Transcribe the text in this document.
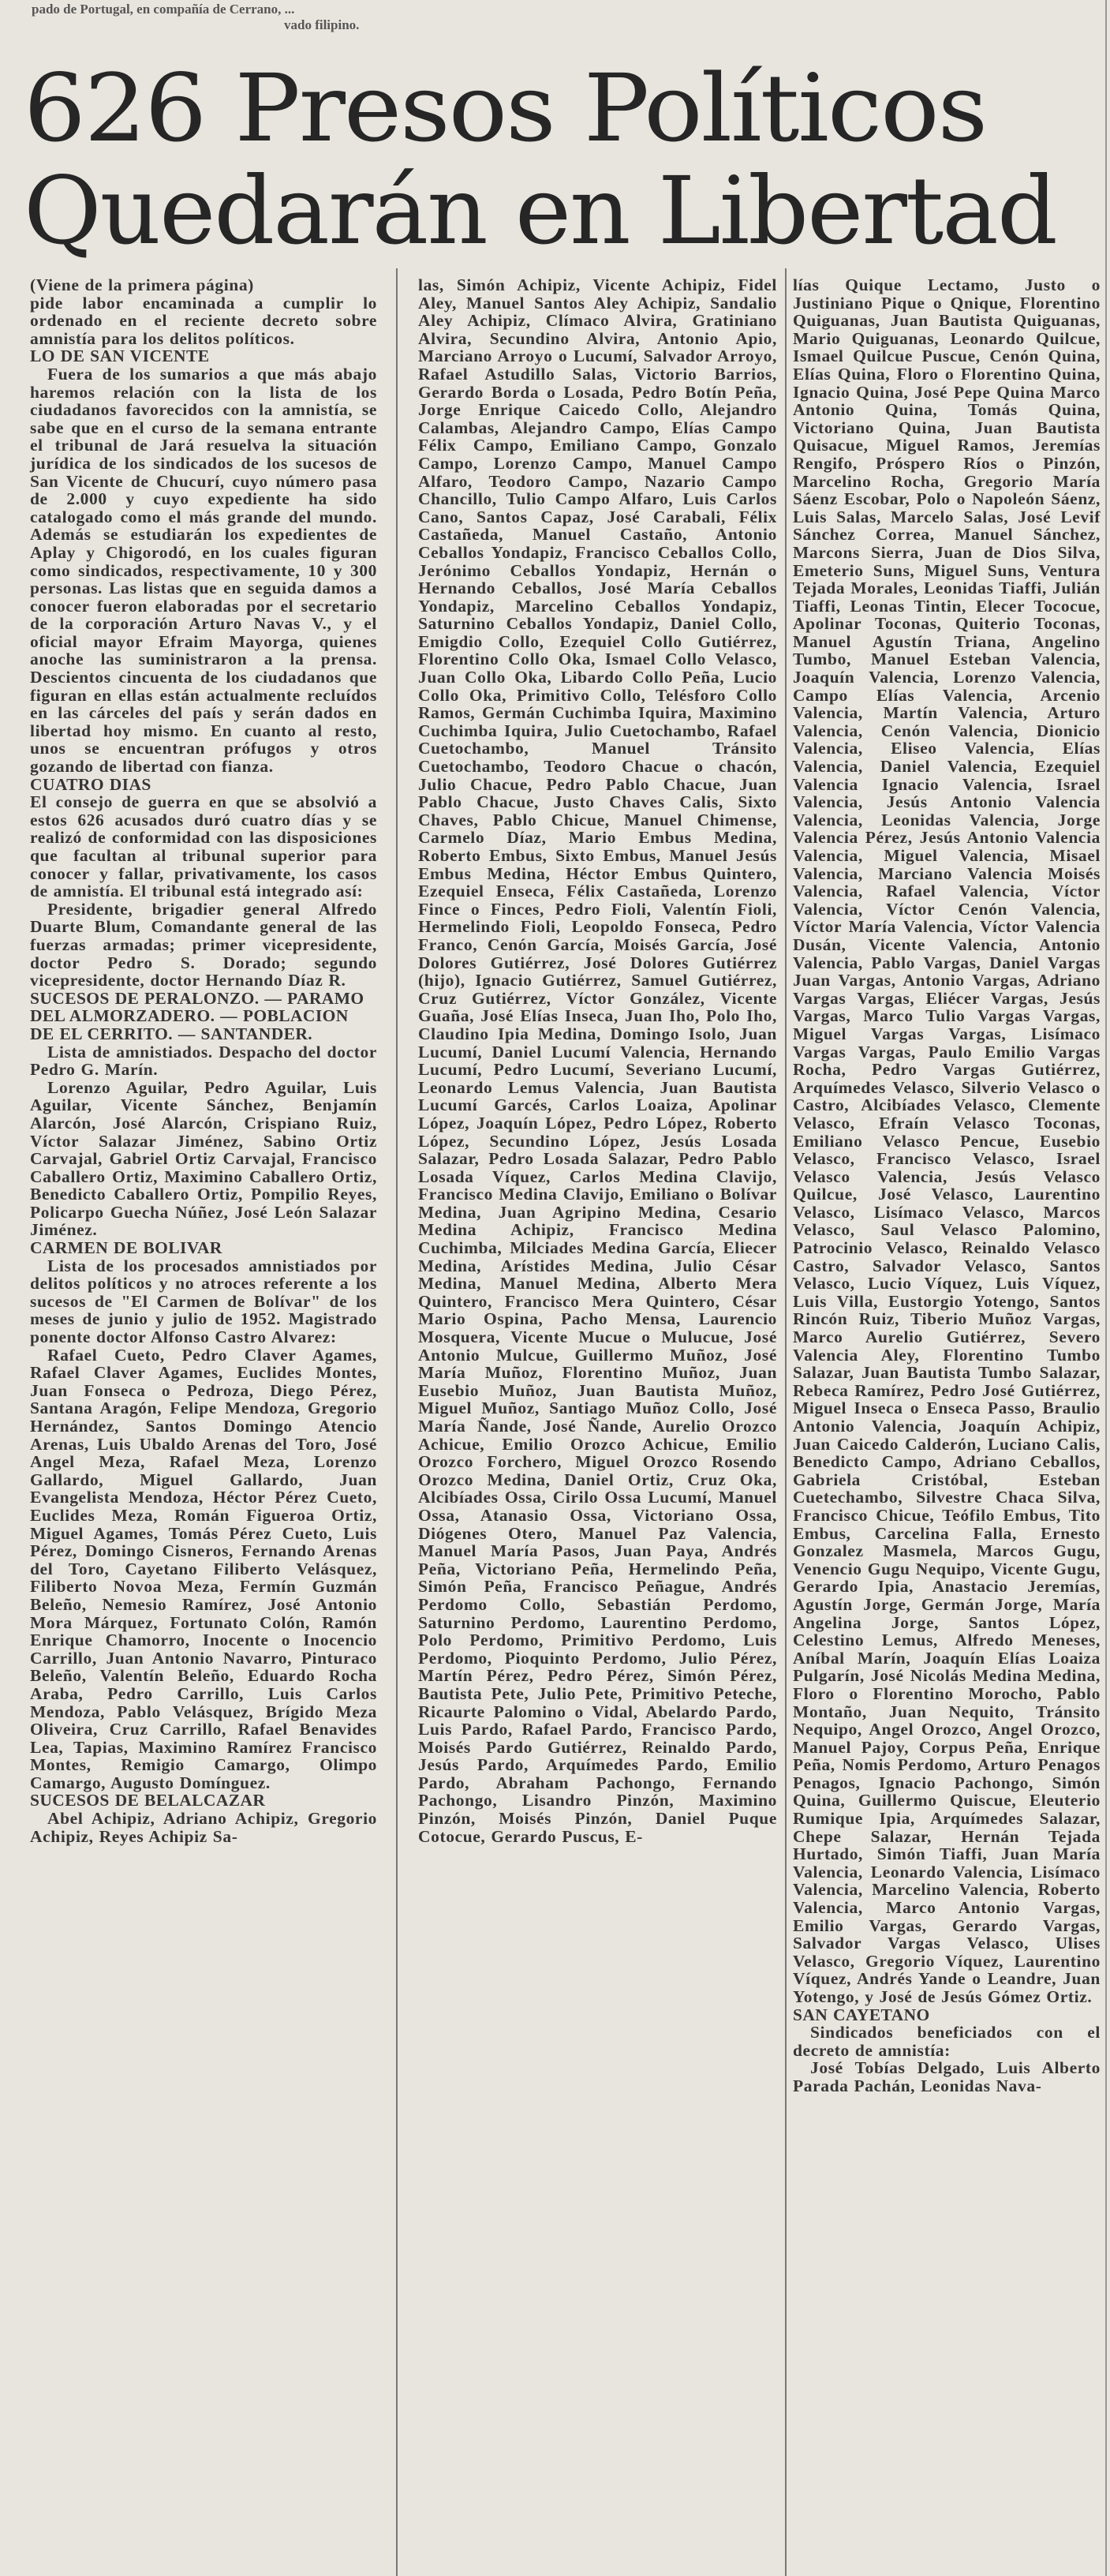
pado de Portugal, en compañía de Cerrano, ...
vado filipino.
626 Presos Políticos
Quedarán en Libertad

(Viene de la primera página)

pide labor encaminada a cumplir lo ordenado en el reciente decreto sobre amnistía para los delitos políticos.

LO DE SAN VICENTE

Fuera de los sumarios a que más abajo haremos relación con la lista de los ciudadanos favorecidos con la amnistía, se sabe que en el curso de la semana entrante el tribunal de Jará resuelva la situación jurídica de los sindicados de los sucesos de San Vicente de Chucurí, cuyo número pasa de 2.000 y cuyo expediente ha sido catalogado como el más grande del mundo. Además se estudiarán los expedientes de Aplay y Chigorodó, en los cuales figuran como sindicados, respectivamente, 10 y 300 personas. Las listas que en seguida damos a conocer fueron elaboradas por el secretario de la corporación Arturo Navas V., y el oficial mayor Efraim Mayorga, quienes anoche las suministraron a la prensa. Descientos cincuenta de los ciudadanos que figuran en ellas están actualmente recluídos en las cárceles del país y serán dados en libertad hoy mismo. En cuanto al resto, unos se encuentran prófugos y otros gozando de libertad con fianza.

CUATRO DIAS

El consejo de guerra en que se absolvió a estos 626 acusados duró cuatro días y se realizó de conformidad con las disposiciones que facultan al tribunal superior para conocer y fallar, privativamente, los casos de amnistía. El tribunal está integrado así:

Presidente, brigadier general Alfredo Duarte Blum, Comandante general de las fuerzas armadas; primer vicepresidente, doctor Pedro S. Dorado; segundo vicepresidente, doctor Hernando Díaz R.

SUCESOS DE PERALONZO. — PARAMO DEL ALMORZADERO. — POBLACION DE EL CERRITO. — SANTANDER.

Lista de amnistiados. Despacho del doctor Pedro G. Marín.

Lorenzo Aguilar, Pedro Aguilar, Luis Aguilar, Vicente Sánchez, Benjamín Alarcón, José Alarcón, Crispiano Ruiz, Víctor Salazar Jiménez, Sabino Ortiz Carvajal, Gabriel Ortiz Carvajal, Francisco Caballero Ortiz, Maximino Caballero Ortiz, Benedicto Caballero Ortiz, Pompilio Reyes, Policarpo Guecha Núñez, José León Salazar Jiménez.

CARMEN DE BOLIVAR

Lista de los procesados amnistiados por delitos políticos y no atroces referente a los sucesos de "El Carmen de Bolívar" de los meses de junio y julio de 1952. Magistrado ponente doctor Alfonso Castro Alvarez:

Rafael Cueto, Pedro Claver Agames, Rafael Claver Agames, Euclides Montes, Juan Fonseca o Pedroza, Diego Pérez, Santana Aragón, Felipe Mendoza, Gregorio Hernández, Santos Domingo Atencio Arenas, Luis Ubaldo Arenas del Toro, José Angel Meza, Rafael Meza, Lorenzo Gallardo, Miguel Gallardo, Juan Evangelista Mendoza, Héctor Pérez Cueto, Euclides Meza, Román Figueroa Ortiz, Miguel Agames, Tomás Pérez Cueto, Luis Pérez, Domingo Cisneros, Fernando Arenas del Toro, Cayetano Filiberto Velásquez, Filiberto Novoa Meza, Fermín Guzmán Beleño, Nemesio Ramírez, José Antonio Mora Márquez, Fortunato Colón, Ramón Enrique Chamorro, Inocente o Inocencio Carrillo, Juan Antonio Navarro, Pinturaco Beleño, Valentín Beleño, Eduardo Rocha Araba, Pedro Carrillo, Luis Carlos Mendoza, Pablo Velásquez, Brígido Meza Oliveira, Cruz Carrillo, Rafael Benavides Lea, Tapias, Maximino Ramírez Francisco Montes, Remigio Camargo, Olimpo Camargo, Augusto Domínguez.

SUCESOS DE BELALCAZAR

Abel Achipiz, Adriano Achipiz, Gregorio Achipiz, Reyes Achipiz Sa-

las, Simón Achipiz, Vicente Achipiz, Fidel Aley, Manuel Santos Aley Achipiz, Sandalio Aley Achipiz, Clímaco Alvira, Gratiniano Alvira, Secundino Alvira, Antonio Apio, Marciano Arroyo o Lucumí, Salvador Arroyo, Rafael Astudillo Salas, Victorio Barrios, Gerardo Borda o Losada, Pedro Botín Peña, Jorge Enrique Caicedo Collo, Alejandro Calambas, Alejandro Campo, Elías Campo Félix Campo, Emiliano Campo, Gonzalo Campo, Lorenzo Campo, Manuel Campo Alfaro, Teodoro Campo, Nazario Campo Chancillo, Tulio Campo Alfaro, Luis Carlos Cano, Santos Capaz, José Carabali, Félix Castañeda, Manuel Castaño, Antonio Ceballos Yondapiz, Francisco Ceballos Collo, Jerónimo Ceballos Yondapiz, Hernán o Hernando Ceballos, José María Ceballos Yondapiz, Marcelino Ceballos Yondapiz, Saturnino Ceballos Yondapiz, Daniel Collo, Emigdio Collo, Ezequiel Collo Gutiérrez, Florentino Collo Oka, Ismael Collo Velasco, Juan Collo Oka, Libardo Collo Peña, Lucio Collo Oka, Primitivo Collo, Telésforo Collo Ramos, Germán Cuchimba Iquira, Maximino Cuchimba Iquira, Julio Cuetochambo, Rafael Cuetochambo, Manuel Tránsito Cuetochambo, Teodoro Chacue o chacón, Julio Chacue, Pedro Pablo Chacue, Juan Pablo Chacue, Justo Chaves Calis, Sixto Chaves, Pablo Chicue, Manuel Chimense, Carmelo Díaz, Mario Embus Medina, Roberto Embus, Sixto Embus, Manuel Jesús Embus Medina, Héctor Embus Quintero, Ezequiel Enseca, Félix Castañeda, Lorenzo Fince o Finces, Pedro Fioli, Valentín Fioli, Hermelindo Fioli, Leopoldo Fonseca, Pedro Franco, Cenón García, Moisés García, José Dolores Gutiérrez, José Dolores Gutiérrez (hijo), Ignacio Gutiérrez, Samuel Gutiérrez, Cruz Gutiérrez, Víctor González, Vicente Guaña, José Elías Inseca, Juan Iho, Polo Iho, Claudino Ipia Medina, Domingo Isolo, Juan Lucumí, Daniel Lucumí Valencia, Hernando Lucumí, Pedro Lucumí, Severiano Lucumí, Leonardo Lemus Valencia, Juan Bautista Lucumí Garcés, Carlos Loaiza, Apolinar López, Joaquín López, Pedro López, Roberto López, Secundino López, Jesús Losada Salazar, Pedro Losada Salazar, Pedro Pablo Losada Víquez, Carlos Medina Clavijo, Francisco Medina Clavijo, Emiliano o Bolívar Medina, Juan Agripino Medina, Cesario Medina Achipiz, Francisco Medina Cuchimba, Milciades Medina García, Eliecer Medina, Arístides Medina, Julio César Medina, Manuel Medina, Alberto Mera Quintero, Francisco Mera Quintero, César Mario Ospina, Pacho Mensa, Laurencio Mosquera, Vicente Mucue o Mulucue, José Antonio Mulcue, Guillermo Muñoz, José María Muñoz, Florentino Muñoz, Juan Eusebio Muñoz, Juan Bautista Muñoz, Miguel Muñoz, Santiago Muñoz Collo, José María Ñande, José Ñande, Aurelio Orozco Achicue, Emilio Orozco Achicue, Emilio Orozco Forchero, Miguel Orozco Rosendo Orozco Medina, Daniel Ortiz, Cruz Oka, Alcibíades Ossa, Cirilo Ossa Lucumí, Manuel Ossa, Atanasio Ossa, Victoriano Ossa, Diógenes Otero, Manuel Paz Valencia, Manuel María Pasos, Juan Paya, Andrés Peña, Victoriano Peña, Hermelindo Peña, Simón Peña, Francisco Peñague, Andrés Perdomo Collo, Sebastián Perdomo, Saturnino Perdomo, Laurentino Perdomo, Polo Perdomo, Primitivo Perdomo, Luis Perdomo, Pioquinto Perdomo, Julio Pérez, Martín Pérez, Pedro Pérez, Simón Pérez, Bautista Pete, Julio Pete, Primitivo Peteche, Ricaurte Palomino o Vidal, Abelardo Pardo, Luis Pardo, Rafael Pardo, Francisco Pardo, Moisés Pardo Gutiérrez, Reinaldo Pardo, Jesús Pardo, Arquímedes Pardo, Emilio Pardo, Abraham Pachongo, Fernando Pachongo, Lisandro Pinzón, Maximino Pinzón, Moisés Pinzón, Daniel Puque Cotocue, Gerardo Puscus, E-

lías Quique Lectamo, Justo o Justiniano Pique o Qnique, Florentino Quiguanas, Juan Bautista Quiguanas, Mario Quiguanas, Leonardo Quilcue, Ismael Quilcue Puscue, Cenón Quina, Elías Quina, Floro o Florentino Quina, Ignacio Quina, José Pepe Quina Marco Antonio Quina, Tomás Quina, Victoriano Quina, Juan Bautista Quisacue, Miguel Ramos, Jeremías Rengifo, Próspero Ríos o Pinzón, Marcelino Rocha, Gregorio María Sáenz Escobar, Polo o Napoleón Sáenz, Luis Salas, Marcelo Salas, José Levif Sánchez Correa, Manuel Sánchez, Marcons Sierra, Juan de Dios Silva, Emeterio Suns, Miguel Suns, Ventura Tejada Morales, Leonidas Tiaffi, Julián Tiaffi, Leonas Tintin, Elecer Tococue, Apolinar Toconas, Quiterio Toconas, Manuel Agustín Triana, Angelino Tumbo, Manuel Esteban Valencia, Joaquín Valencia, Lorenzo Valencia, Campo Elías Valencia, Arcenio Valencia, Martín Valencia, Arturo Valencia, Cenón Valencia, Dionicio Valencia, Eliseo Valencia, Elías Valencia, Daniel Valencia, Ezequiel Valencia Ignacio Valencia, Israel Valencia, Jesús Antonio Valencia Valencia, Leonidas Valencia, Jorge Valencia Pérez, Jesús Antonio Valencia Valencia, Miguel Valencia, Misael Valencia, Marciano Valencia Moisés Valencia, Rafael Valencia, Víctor Valencia, Víctor Cenón Valencia, Víctor María Valencia, Víctor Valencia Dusán, Vicente Valencia, Antonio Valencia, Pablo Vargas, Daniel Vargas Juan Vargas, Antonio Vargas, Adriano Vargas Vargas, Eliécer Vargas, Jesús Vargas, Marco Tulio Vargas Vargas, Miguel Vargas Vargas, Lisímaco Vargas Vargas, Paulo Emilio Vargas Rocha, Pedro Vargas Gutiérrez, Arquímedes Velasco, Silverio Velasco o Castro, Alcibíades Velasco, Clemente Velasco, Efraín Velasco Toconas, Emiliano Velasco Pencue, Eusebio Velasco, Francisco Velasco, Israel Velasco Valencia, Jesús Velasco Quilcue, José Velasco, Laurentino Velasco, Lisímaco Velasco, Marcos Velasco, Saul Velasco Palomino, Patrocinio Velasco, Reinaldo Velasco Castro, Salvador Velasco, Santos Velasco, Lucio Víquez, Luis Víquez, Luis Villa, Eustorgio Yotengo, Santos Rincón Ruiz, Tiberio Muñoz Vargas, Marco Aurelio Gutiérrez, Severo Valencia Aley, Florentino Tumbo Salazar, Juan Bautista Tumbo Salazar, Rebeca Ramírez, Pedro José Gutiérrez, Miguel Inseca o Enseca Passo, Braulio Antonio Valencia, Joaquín Achipiz, Juan Caicedo Calderón, Luciano Calis, Benedicto Campo, Adriano Ceballos, Gabriela Cristóbal, Esteban Cuetechambo, Silvestre Chaca Silva, Francisco Chicue, Teófilo Embus, Tito Embus, Carcelina Falla, Ernesto Gonzalez Masmela, Marcos Gugu, Venencio Gugu Nequipo, Vicente Gugu, Gerardo Ipia, Anastacio Jeremías, Agustín Jorge, Germán Jorge, María Angelina Jorge, Santos López, Celestino Lemus, Alfredo Meneses, Aníbal Marín, Joaquín Elías Loaiza Pulgarín, José Nicolás Medina Medina, Floro o Florentino Morocho, Pablo Montaño, Juan Nequito, Tránsito Nequipo, Angel Orozco, Angel Orozco, Manuel Pajoy, Corpus Peña, Enrique Peña, Nomis Perdomo, Arturo Penagos Penagos, Ignacio Pachongo, Simón Quina, Guillermo Quiscue, Eleuterio Rumique Ipia, Arquímedes Salazar, Chepe Salazar, Hernán Tejada Hurtado, Simón Tiaffi, Juan María Valencia, Leonardo Valencia, Lisímaco Valencia, Marcelino Valencia, Roberto Valencia, Marco Antonio Vargas, Emilio Vargas, Gerardo Vargas, Salvador Vargas Velasco, Ulises Velasco, Gregorio Víquez, Laurentino Víquez, Andrés Yande o Leandre, Juan Yotengo, y José de Jesús Gómez Ortiz.

SAN CAYETANO

Sindicados beneficiados con el decreto de amnistía:

José Tobías Delgado, Luis Alberto Parada Pachán, Leonidas Nava-
